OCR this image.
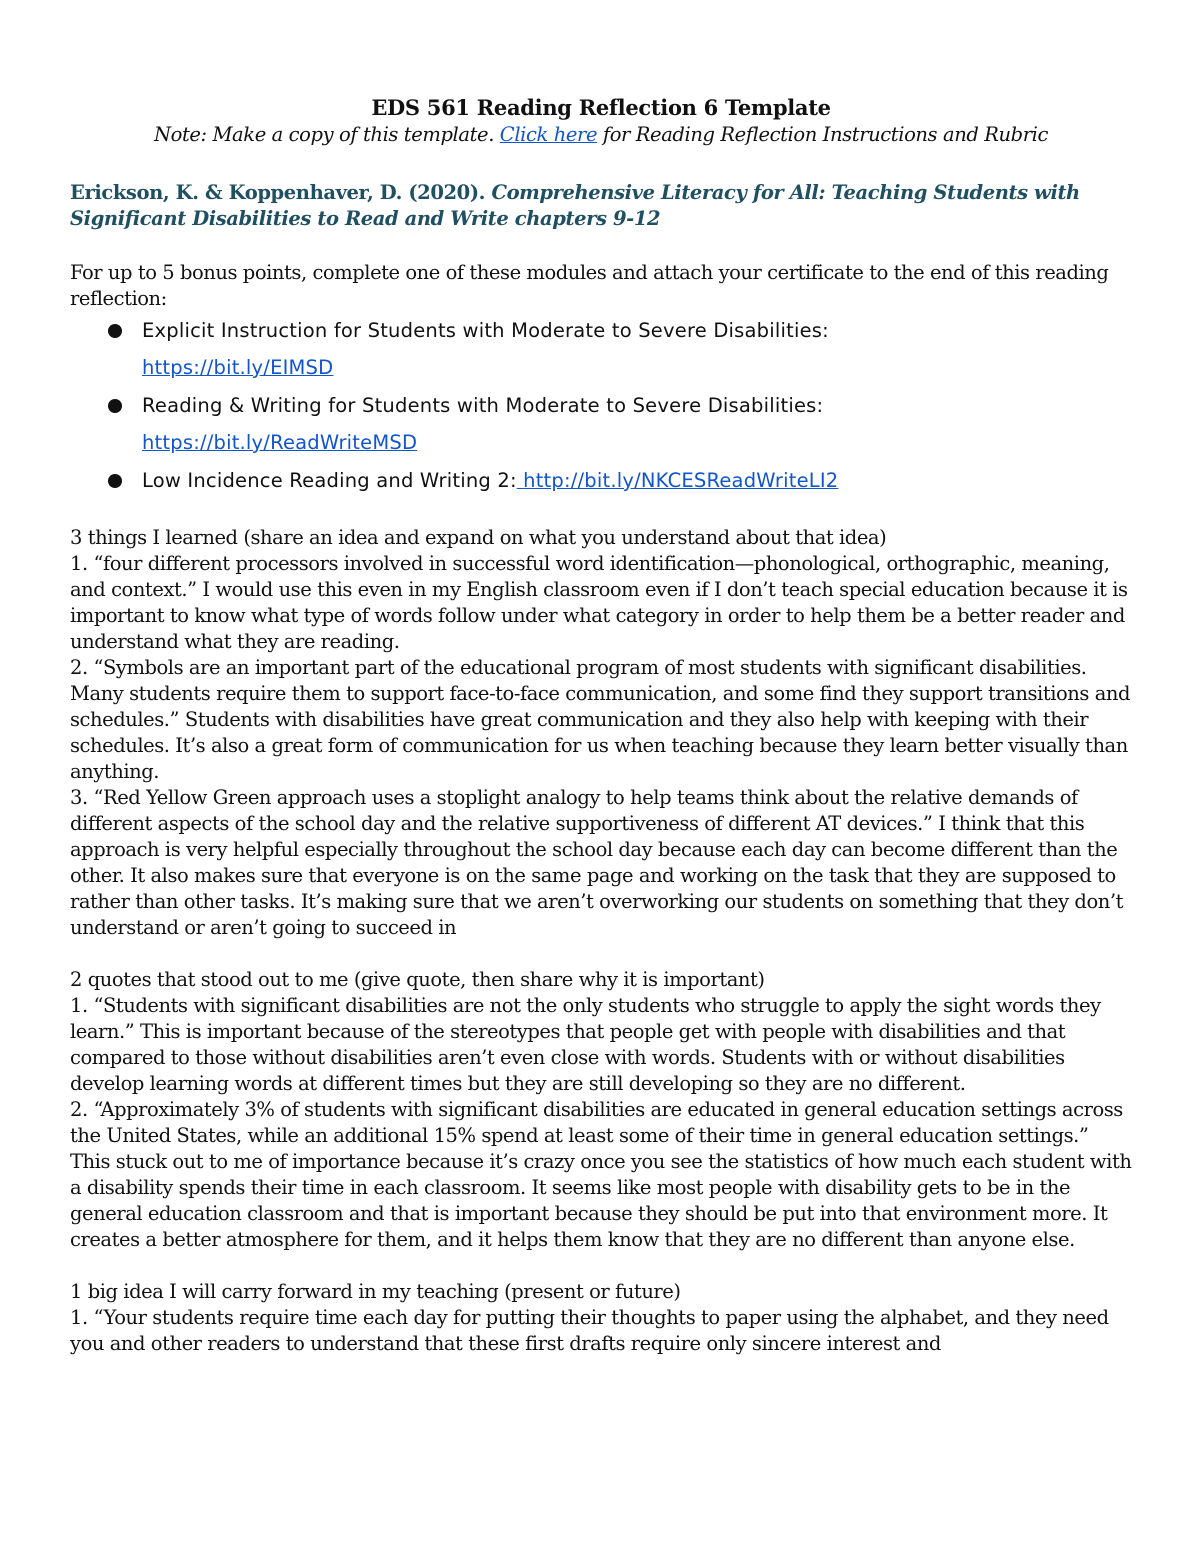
EDS 561 Reading Reflection 6 Template

Note: Make a copy of this template. Click here for Reading Reflection Instructions and Rubric

Erickson, K. & Koppenhaver, D. (2020). Comprehensive Literacy for All: Teaching Students with Significant Disabilities to Read and Write chapters 9-12

For up to 5 bonus points, complete one of these modules and attach your certificate to the end of this reading reflection:

Explicit Instruction for Students with Moderate to Severe Disabilities:
https://bit.ly/EIMSD
Reading & Writing for Students with Moderate to Severe Disabilities:
https://bit.ly/ReadWriteMSD
Low Incidence Reading and Writing 2: http://bit.ly/NKCESReadWriteLI2

3 things I learned (share an idea and expand on what you understand about that idea)

1. “four different processors involved in successful word identification—phonological, orthographic, meaning, and context.” I would use this even in my English classroom even if I don’t teach special education because it is important to know what type of words follow under what category in order to help them be a better reader and understand what they are reading.

2. “Symbols are an important part of the educational program of most students with significant disabilities. Many students require them to support face-to-face communication, and some find they support transitions and schedules.” Students with disabilities have great communication and they also help with keeping with their schedules. It’s also a great form of communication for us when teaching because they learn better visually than anything.

3. “Red Yellow Green approach uses a stoplight analogy to help teams think about the relative demands of different aspects of the school day and the relative supportiveness of different AT devices.” I think that this approach is very helpful especially throughout the school day because each day can become different than the other. It also makes sure that everyone is on the same page and working on the task that they are supposed to rather than other tasks. It’s making sure that we aren’t overworking our students on something that they don’t understand or aren’t going to succeed in

2 quotes that stood out to me (give quote, then share why it is important)

1. “Students with significant disabilities are not the only students who struggle to apply the sight words they learn.” This is important because of the stereotypes that people get with people with disabilities and that compared to those without disabilities aren’t even close with words. Students with or without disabilities develop learning words at different times but they are still developing so they are no different.

2. “Approximately 3% of students with significant disabilities are educated in general education settings across the United States, while an additional 15% spend at least some of their time in general education settings.” This stuck out to me of importance because it’s crazy once you see the statistics of how much each student with a disability spends their time in each classroom. It seems like most people with disability gets to be in the general education classroom and that is important because they should be put into that environment more. It creates a better atmosphere for them, and it helps them know that they are no different than anyone else.

1 big idea I will carry forward in my teaching (present or future)

1. “Your students require time each day for putting their thoughts to paper using the alphabet, and they need you and other readers to understand that these first drafts require only sincere interest and
